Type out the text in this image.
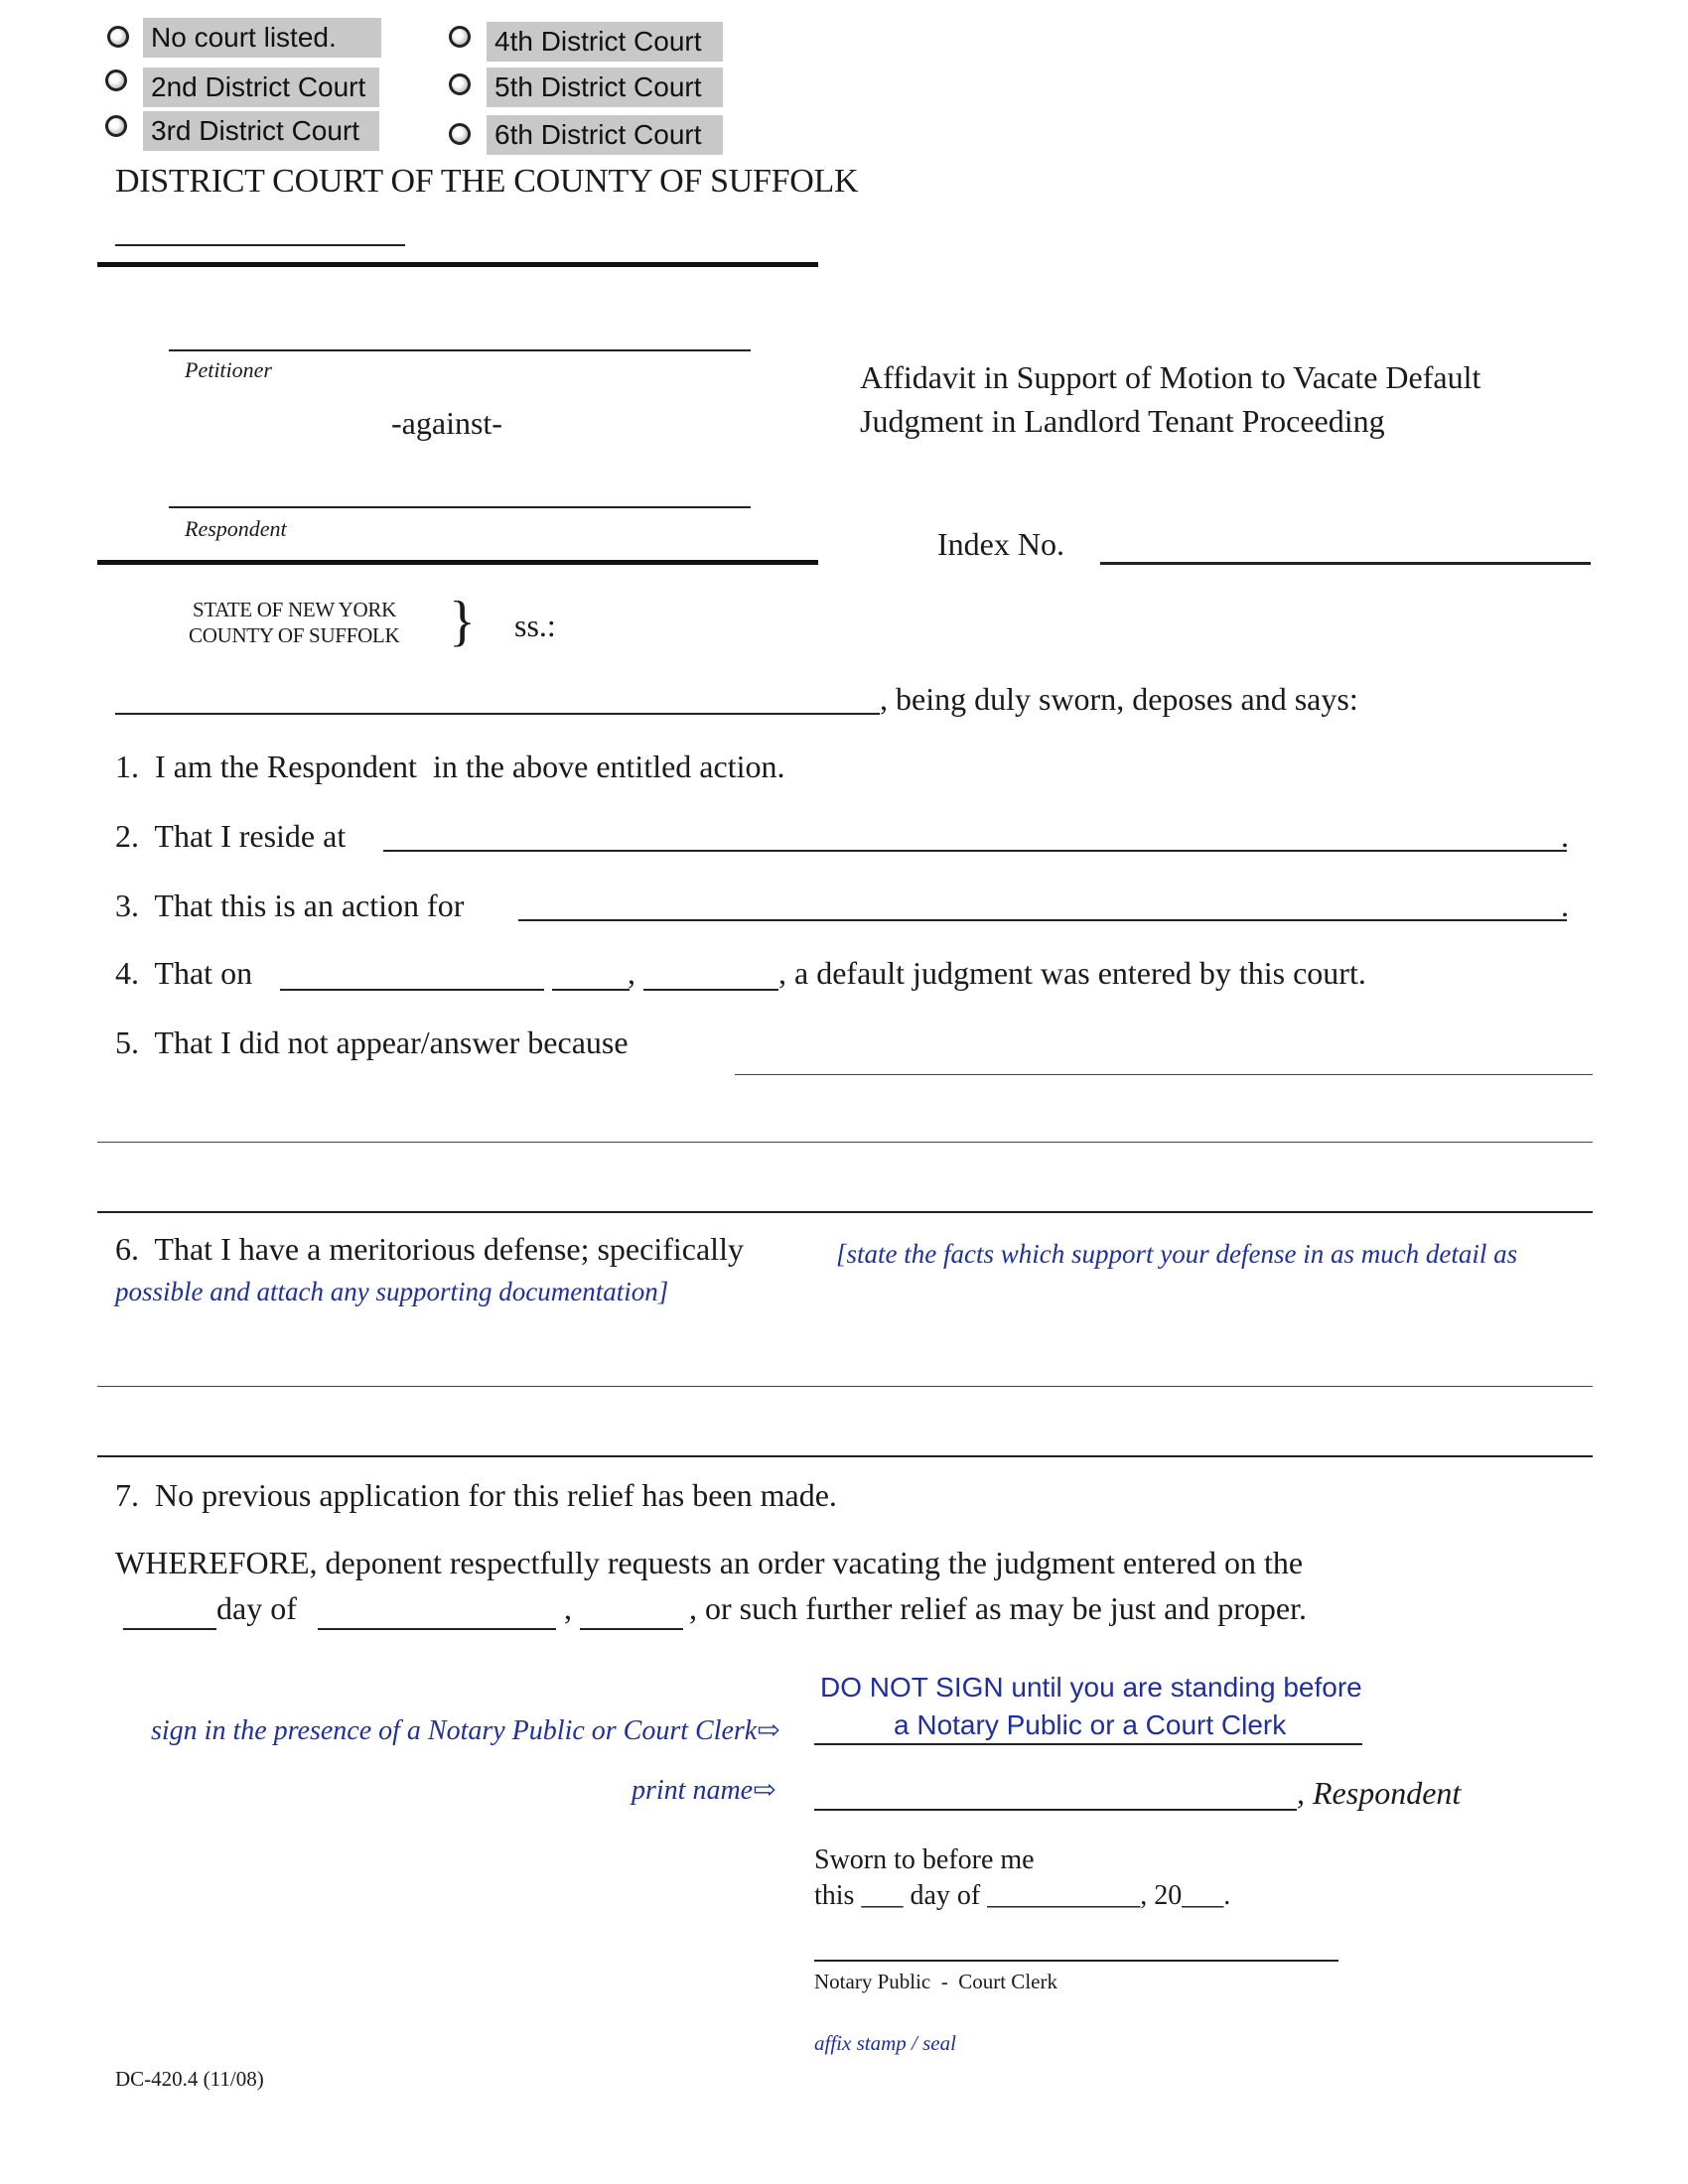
No court listed.
2nd District Court
3rd District Court
4th District Court
5th District Court
6th District Court
DISTRICT COURT OF THE COUNTY OF SUFFOLK
Petitioner
-against-
Respondent
Affidavit in Support of Motion to Vacate Default
Judgment in Landlord Tenant Proceeding
Index No.
STATE OF NEW YORK
COUNTY OF SUFFOLK } ss.:
, being duly sworn, deposes and says:
1.  I am the Respondent  in the above entitled action.
2.  That I reside at	.
3.  That this is an action for	.
4.  That on	,	, a default judgment was entered by this court.
5.  That I did not appear/answer because
6.  That I have a meritorious defense; specifically	[state the facts which support your defense in as much detail as
possible and attach any supporting documentation]
7.  No previous application for this relief has been made.
WHEREFORE, deponent respectfully requests an order vacating the judgment entered on the
day of	,	, or such further relief as may be just and proper.
DO NOT SIGN until you are standing before
a Notary Public or a Court Clerk
sign in the presence of a Notary Public or Court Clerk⇨
print name⇨	, Respondent
Sworn to before me
this ___ day of ___________, 20___.
Notary Public  -  Court Clerk
affix stamp / seal
DC-420.4 (11/08)
